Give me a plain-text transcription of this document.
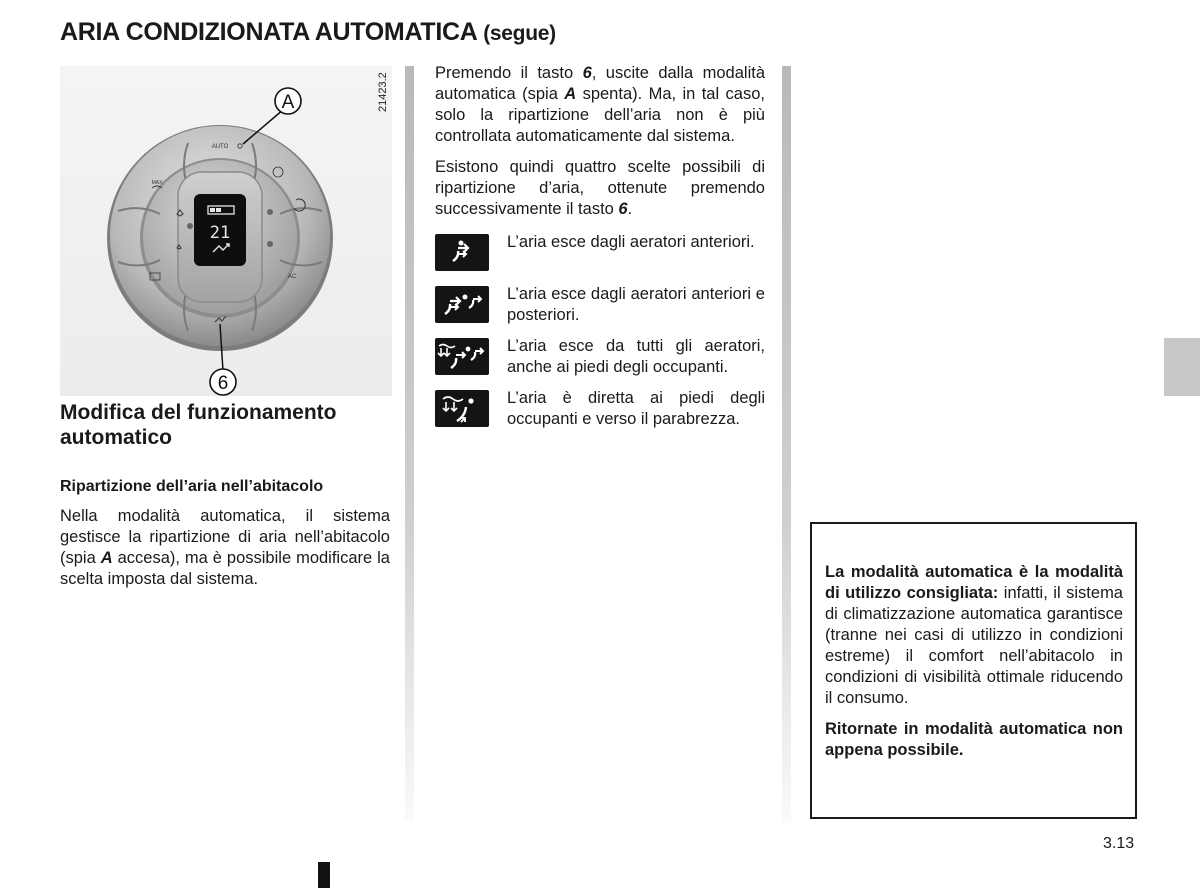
ARIA CONDIZIONATA AUTOMATICA (segue)
21
AUTO
MAX
AC
A
6
21423.2
Modifica del funzionamento automatico
Ripartizione dell’aria nell’abitacolo

Nella modalità automatica, il sistema gestisce la ripartizione di aria nell’abitacolo (spia A accesa), ma è possibile modificare la scelta imposta dal sistema.

Premendo il tasto 6, uscite dalla modalità automatica (spia A spenta). Ma, in tal caso, solo la ripartizione dell’aria non è più controllata automaticamente dal sistema.

Esistono quindi quattro scelte possibili di ripartizione d’aria, ottenute premendo successivamente il tasto 6.

L’aria esce dagli aeratori anteriori.
L’aria esce dagli aeratori anteriori e posteriori.
L’aria esce da tutti gli aeratori, anche ai piedi degli occupanti.
L’aria è diretta ai piedi degli occupanti e verso il parabrezza.

La modalità automatica è la modalità di utilizzo consigliata: infatti, il sistema di climatizzazione automatica garantisce (tranne nei casi di utilizzo in condizioni estreme) il comfort nell’abitacolo in condizioni di visibilità ottimale riducendo il consumo.

Ritornate in modalità automatica non appena possibile.

3.13
